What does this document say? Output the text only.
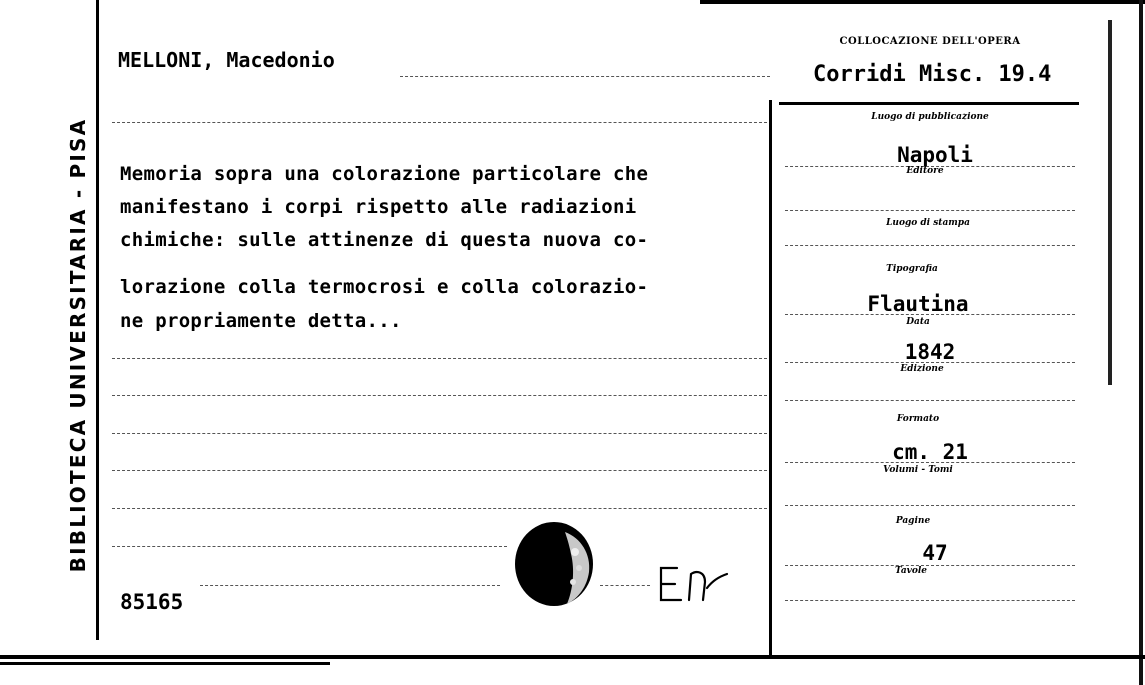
BIBLIOTECA UNIVERSITARIA - PISA
MELLONI, Macedonio
Memoria sopra una colorazione particolare che
manifestano i corpi rispetto alle radiazioni
chimiche: sulle attinenze di questa nuova co-
lorazione colla termocrosi e colla colorazio-
ne propriamente detta...
85165
COLLOCAZIONE DELL'OPERA
Corridi Misc. 19.4
Luogo di pubblicazione
Napoli
Editore
Luogo di stampa
Tipografia
Flautina
Data
1842
Edizione
Formato
cm. 21
Volumi - Tomi
Pagine
47
Tavole
EN
